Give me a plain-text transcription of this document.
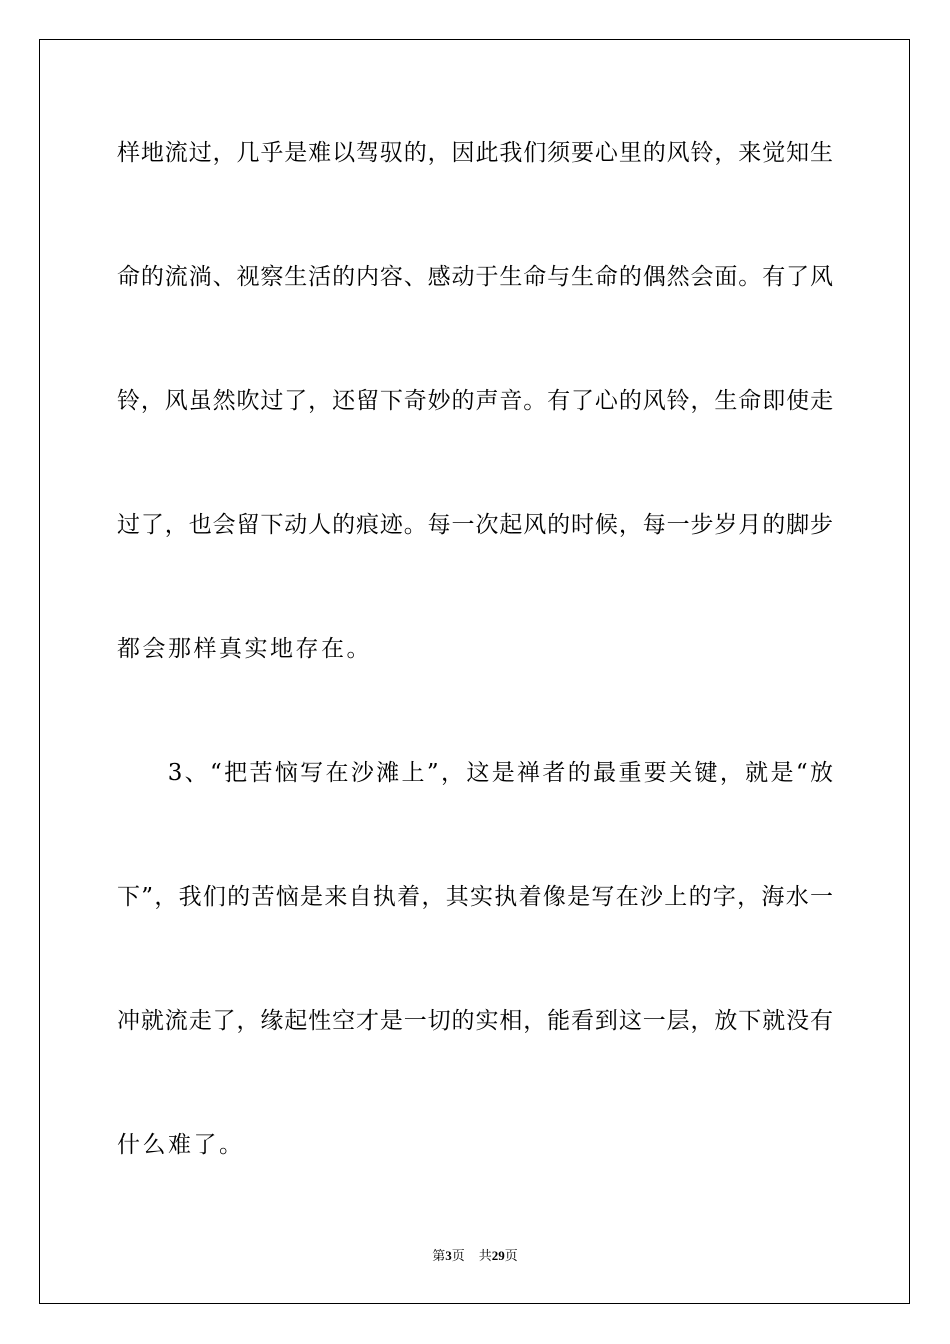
样地流过，几乎是难以驾驭的，因此我们须要心里的风铃，来觉知生
命的流淌、视察生活的内容、感动于生命与生命的偶然会面。有了风
铃，风虽然吹过了，还留下奇妙的声音。有了心的风铃，生命即使走
过了，也会留下动人的痕迹。每一次起风的时候，每一步岁月的脚步
都会那样真实地存在。
　　3、“把苦恼写在沙滩上”，这是禅者的最重要关键，就是“放
下”，我们的苦恼是来自执着，其实执着像是写在沙上的字，海水一
冲就流走了，缘起性空才是一切的实相，能看到这一层，放下就没有
什么难了。
第3页 共29页
